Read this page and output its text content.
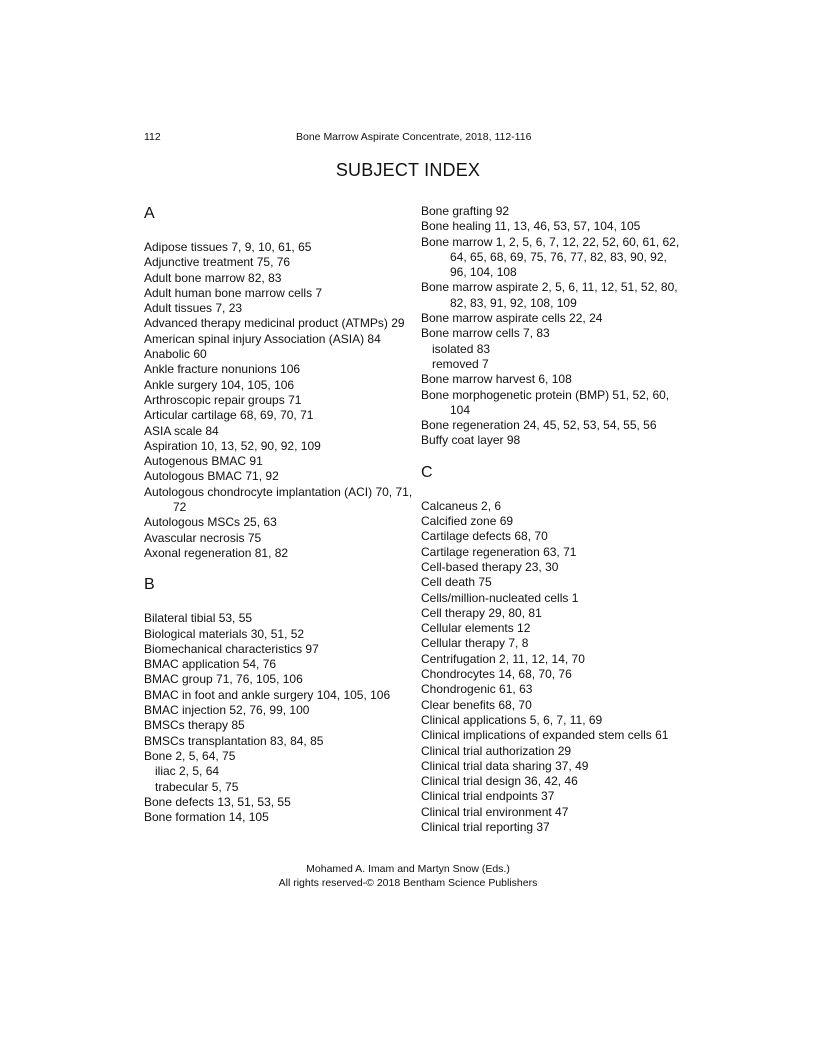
112	Bone Marrow Aspirate Concentrate, 2018, 112-116
SUBJECT INDEX
A
Adipose tissues 7, 9, 10, 61, 65
Adjunctive treatment 75, 76
Adult bone marrow 82, 83
Adult human bone marrow cells 7
Adult tissues 7, 23
Advanced therapy medicinal product (ATMPs) 29
American spinal injury Association (ASIA) 84
Anabolic 60
Ankle fracture nonunions 106
Ankle surgery 104, 105, 106
Arthroscopic repair groups 71
Articular cartilage 68, 69, 70, 71
ASIA scale 84
Aspiration 10, 13, 52, 90, 92, 109
Autogenous BMAC 91
Autologous BMAC 71, 92
Autologous chondrocyte implantation (ACI) 70, 71, 72
Autologous MSCs 25, 63
Avascular necrosis 75
Axonal regeneration 81, 82
B
Bilateral tibial 53, 55
Biological materials 30, 51, 52
Biomechanical characteristics 97
BMAC application 54, 76
BMAC group 71, 76, 105, 106
BMAC in foot and ankle surgery 104, 105, 106
BMAC injection 52, 76, 99, 100
BMSCs therapy 85
BMSCs transplantation 83, 84, 85
Bone 2, 5, 64, 75
iliac 2, 5, 64
trabecular 5, 75
Bone defects 13, 51, 53, 55
Bone formation 14, 105
Bone grafting 92
Bone healing 11, 13, 46, 53, 57, 104, 105
Bone marrow 1, 2, 5, 6, 7, 12, 22, 52, 60, 61, 62, 64, 65, 68, 69, 75, 76, 77, 82, 83, 90, 92, 96, 104, 108
Bone marrow aspirate 2, 5, 6, 11, 12, 51, 52, 80, 82, 83, 91, 92, 108, 109
Bone marrow aspirate cells 22, 24
Bone marrow cells 7, 83
isolated 83
removed 7
Bone marrow harvest 6, 108
Bone morphogenetic protein (BMP) 51, 52, 60, 104
Bone regeneration 24, 45, 52, 53, 54, 55, 56
Buffy coat layer 98
C
Calcaneus 2, 6
Calcified zone 69
Cartilage defects 68, 70
Cartilage regeneration 63, 71
Cell-based therapy 23, 30
Cell death 75
Cells/million-nucleated cells 1
Cell therapy 29, 80, 81
Cellular elements 12
Cellular therapy 7, 8
Centrifugation 2, 11, 12, 14, 70
Chondrocytes 14, 68, 70, 76
Chondrogenic 61, 63
Clear benefits 68, 70
Clinical applications 5, 6, 7, 11, 69
Clinical implications of expanded stem cells 61
Clinical trial authorization 29
Clinical trial data sharing 37, 49
Clinical trial design 36, 42, 46
Clinical trial endpoints 37
Clinical trial environment 47
Clinical trial reporting 37
Mohamed A. Imam and Martyn Snow (Eds.)
All rights reserved-© 2018 Bentham Science Publishers
